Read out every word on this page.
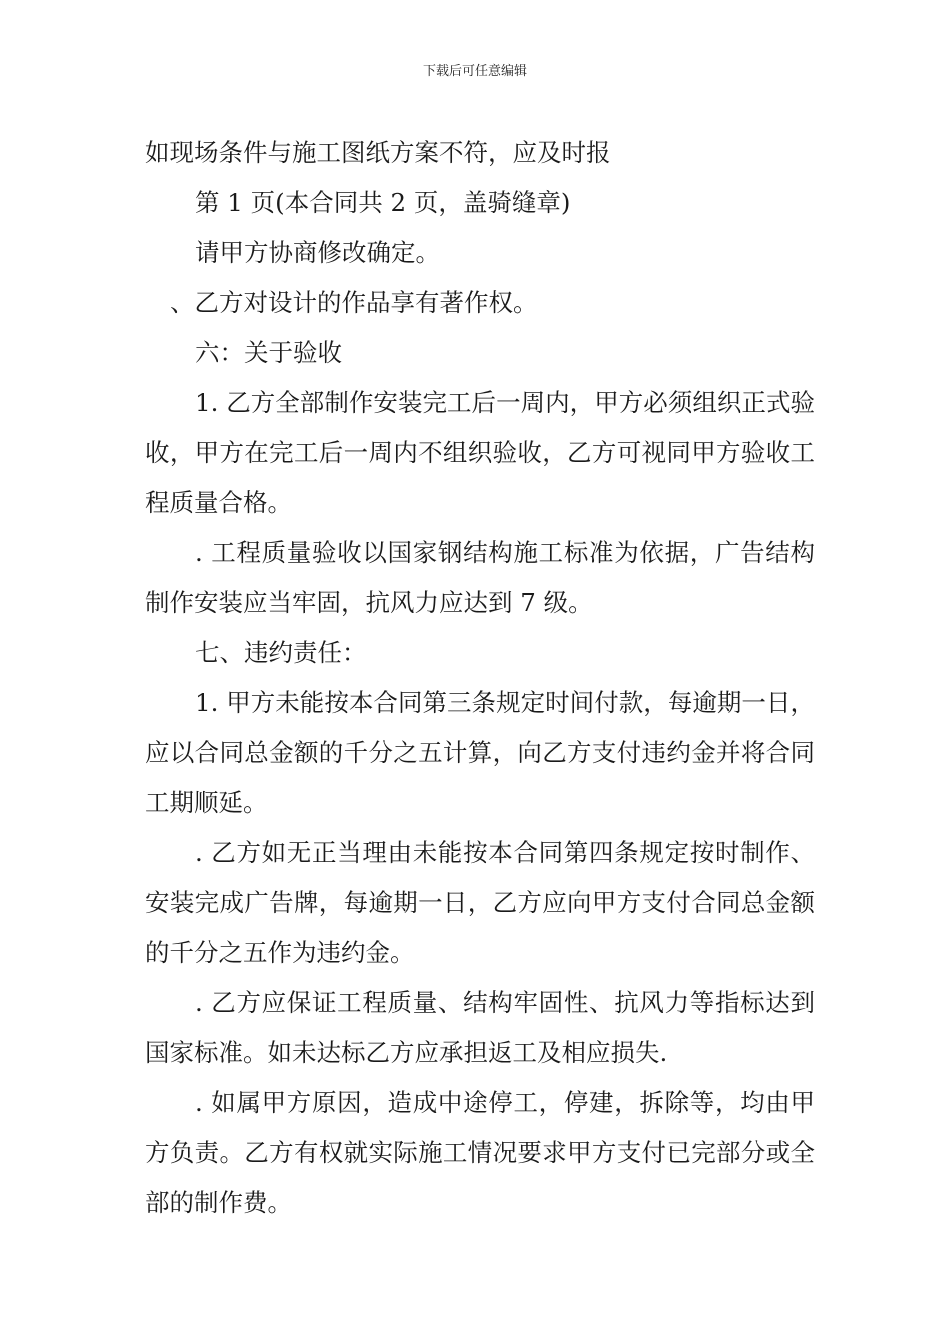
下载后可任意编辑

如现场条件与施工图纸方案不符，应及时报

第 1 页(本合同共 2 页，盖骑缝章)

请甲方协商修改确定。

、乙方对设计的作品享有著作权。

六：关于验收

1. 乙方全部制作安装完工后一周内，甲方必须组织正式验收，甲方在完工后一周内不组织验收，乙方可视同甲方验收工程质量合格。

. 工程质量验收以国家钢结构施工标准为依据，广告结构制作安装应当牢固，抗风力应达到 7 级。

七、违约责任：

1. 甲方未能按本合同第三条规定时间付款，每逾期一日，应以合同总金额的千分之五计算，向乙方支付违约金并将合同工期顺延。

. 乙方如无正当理由未能按本合同第四条规定按时制作、安装完成广告牌，每逾期一日，乙方应向甲方支付合同总金额的千分之五作为违约金。

. 乙方应保证工程质量、结构牢固性、抗风力等指标达到国家标准。如未达标乙方应承担返工及相应损失.

. 如属甲方原因，造成中途停工，停建，拆除等，均由甲方负责。乙方有权就实际施工情况要求甲方支付已完部分或全部的制作费。
